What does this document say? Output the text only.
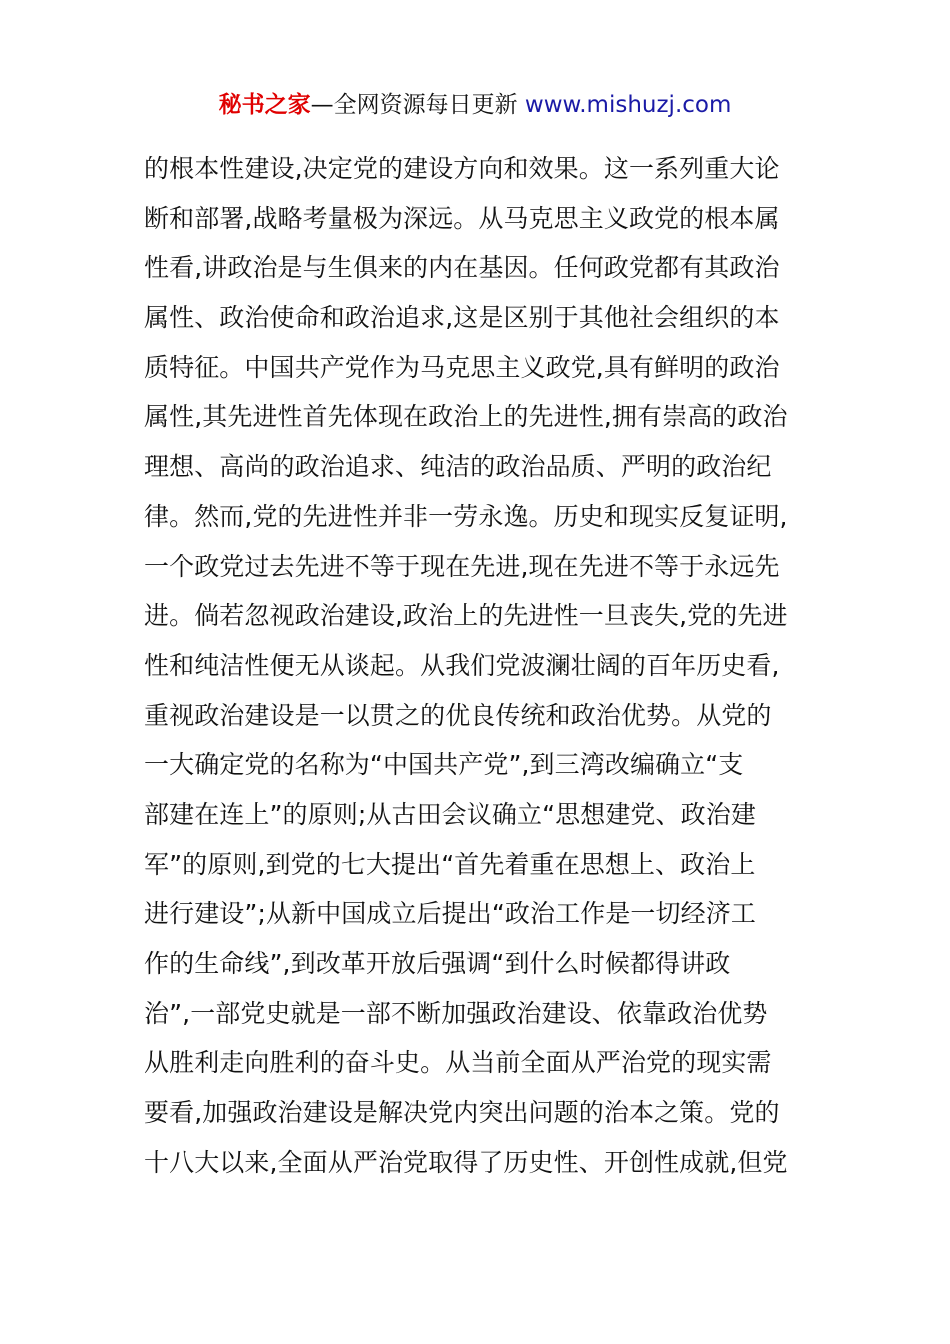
秘书之家—全网资源每日更新 www.mishuzj.com
的根本性建设,决定党的建设方向和效果。这一系列重大论
断和部署,战略考量极为深远。从马克思主义政党的根本属
性看,讲政治是与生俱来的内在基因。任何政党都有其政治
属性、政治使命和政治追求,这是区别于其他社会组织的本
质特征。中国共产党作为马克思主义政党,具有鲜明的政治
属性,其先进性首先体现在政治上的先进性,拥有崇高的政治
理想、高尚的政治追求、纯洁的政治品质、严明的政治纪
律。然而,党的先进性并非一劳永逸。历史和现实反复证明,
一个政党过去先进不等于现在先进,现在先进不等于永远先
进。倘若忽视政治建设,政治上的先进性一旦丧失,党的先进
性和纯洁性便无从谈起。从我们党波澜壮阔的百年历史看,
重视政治建设是一以贯之的优良传统和政治优势。从党的
一大确定党的名称为“中国共产党”,到三湾改编确立“支
部建在连上”的原则;从古田会议确立“思想建党、政治建
军”的原则,到党的七大提出“首先着重在思想上、政治上
进行建设”;从新中国成立后提出“政治工作是一切经济工
作的生命线”,到改革开放后强调“到什么时候都得讲政
治”,一部党史就是一部不断加强政治建设、依靠政治优势
从胜利走向胜利的奋斗史。从当前全面从严治党的现实需
要看,加强政治建设是解决党内突出问题的治本之策。党的
十八大以来,全面从严治党取得了历史性、开创性成就,但党
